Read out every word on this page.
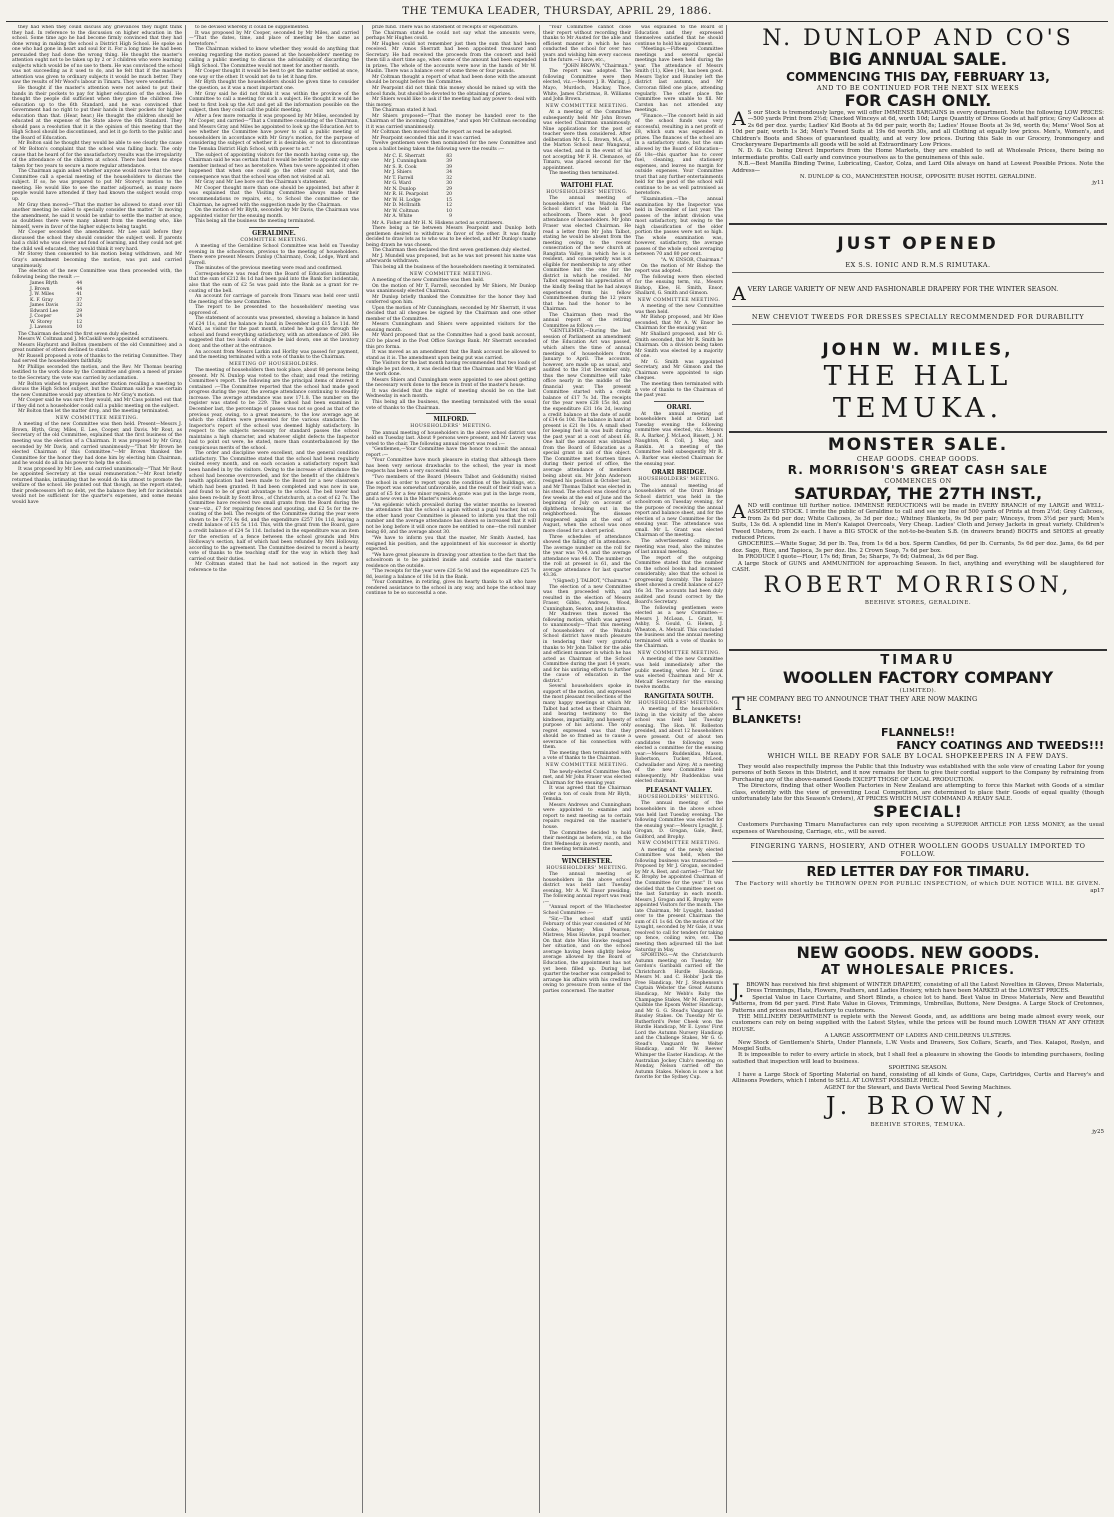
THE TEMUKA LEADER, THURSDAY, APRIL 29, 1886.

they had when they could discuss any grievances they might think they had. In reference to the discussion on higher education in the school. Some time ago he had become firmly convinced that they had done wrong in making the school a District High School. He spoke as one who had gone in heart and soul for it. For a long time he had been persuaded they had done the wrong thing. He thought the master's attention ought not to be taken up by 2 or 3 children who were learning subjects which would be of no use to them. He was convinced the school was not succeeding as it used to do, and he felt that if the master's attention was given to ordinary subjects it would be much better. They saw the results of Mr Wood's labour in Timaru. They were wonderful.

He thought if the master's attention were not asked to put their hands in their pockets to pay for higher education of the school. He thought the people did sufficient when they gave the children free education up to the 6th Standard, and he was convinced that Government had no right to put their hands in their pockets for higher education than that. (Hear, hear.) He thought the children should be educated at the expense of the State above the 6th Standard. They should pass a resolution that it is the opinion of this meeting that the High School should be discontinued, and let it go forth to the public and the Board of Education.

Mr Bolton said he thought they would be able to see clearly the cause of Mr Bolton's complaint that the school was falling back. The only cause that he heard of for the unsatisfactory results was the irregularity of the attendance of the children at school. There had been no steps taken for two years to secure a more regular attendance.

The Chairman again asked whether anyone would move that the new Committee call a special meeting of the householders to discuss the subject. If so, he was prepared to put Mr Storey's motion to the meeting. He would like to see the matter adjourned, as many more people would have attended if they had known the subject would crop up.

Mr Gray then moved—"That the matter be allowed to stand over till another meeting be called to specially consider the matter." In moving the amendment, he said it would be unfair to settle the matter at once, as doubtless there were many absent from the meeting who, like himself, were in favor of the higher subjects being taught.

Mr Cooper seconded the amendment. Mr Lee said before they discussed the school they should consider the subject well. If parents had a child who was clever and fond of learning, and they could not get the child well educated, they would think it very hard.

Mr Storey then consented to his motion being withdrawn, and Mr Gray's amendment becoming the motion, was put and carried unanimously.

The election of the new Committee was then proceeded with, the following being the result :—

James Blyth	44
J. Brown	44
J. W. Miles	41
K. F. Gray	37
James Davis	32
Edward Lee	29
J. Cooper	24
W. Storey	12
J. Lawson	10

The Chairman declared the first seven duly elected.

Messrs W. Coltman and J. McCaskill were appointed scrutineers.

Messrs Hayhurst and Bolton (members of the old Committee) and a great number of others declined to stand.

Mr Russell proposed a vote of thanks to the retiring Committee. They had served the householders faithfully.

Mr Phillips seconded the motion, and the Rev. Mr Thomas bearing testified to the work done by the Committee and given a meed of praise to the Secretary, the vote was carried by acclamation.

Mr Bolton wished to propose another motion recalling a meeting to discuss the High School subject, but the Chairman said he was certain the new Committee would pay attention to Mr Gray's motion.

Mr Cooper said he was sure they would, and Mr Cass pointed out that if they did not a householder could call a public meeting on the subject.

Mr Bolton then let the matter drop, and the meeting terminated.

NEW COMMITTEE MEETING.

A meeting of the new Committee was then held. Present—Messrs J. Brown, Blyth, Gray, Miles, E. Lee, Cooper, and Davis. Mr Rout, as Secretary of the old Committee, explained that the first business of the meeting was the election of a Chairman. It was proposed by Mr Gray, seconded by Mr Davis, and carried unanimously—"That Mr Brown be elected Chairman of this Committee."—Mr Brown thanked the Committee for the honor they had done him by electing him Chairman, and he would do all in his power to help the school.

It was proposed by Mr Lee, and carried unanimously—"That Mr Rout be appointed Secretary at the usual remuneration."—Mr Rout briefly returned thanks, intimating that he would do his utmost to promote the welfare of the school. He pointed out that though, as the report stated, their predecessors left no debt, yet the balance they left for incidentals would not be sufficient for the quarter's expenses, and some means would have

to be devised whereby it could be supplemented.

It was proposed by Mr Cooper, seconded by Mr Miles, and carried—"That the dates, time, and place of meeting be the same as heretofore."

The Chairman wished to know whether they would do anything that evening regarding the motion passed at the householders' meeting re calling a public meeting to discuss the advisability of discarding the High School. The Committee would not meet for another month.

Mr Cooper thought it would be best to get the matter settled at once, one way or the other. It would not do to let it hang fire.

Mr Blyth thought the householders should be given time to consider the question, as it was a most important one.

Mr Gray said he did not think it was within the province of the Committee to call a meeting for such a subject. He thought it would be best to first look up the Act and get all the information possible on the subject, then they could call the public meeting.

After a few more remarks it was proposed by Mr Miles, seconded by Mr Cooper, and carried—"That a Committee consisting of the Chairman, and Messrs Gray and Miles be appointed to look up the Education Act to see whether the Committee have power to call a public meeting of householders in accordance with Mr Gray's motion, for the purpose of considering the subject of whether it is desirable, or not to discontinue the Temuka District High School, with power to act."

The subject of appointing visitors for the month having come up, the Chairman said he was certain that it would be better to appoint only one member instead of two as heretofore. When two were appointed it often happened that when one could go the other could not, and the consequence was that the school was often not visited at all.

Mr Gray and Mr Lee bore out the Chairman's statement.

Mr Cooper thought more than one should be appointed, but after it was explained that the Visiting Committee always made their recommendations re repairs, etc., to School the committee or the Chairman, he agreed with the suggestion made by the Chairman.

On the motion of Mr Blyth, seconded by Mr Davis, the Chairman was appointed visitor for the ensuing month.

This being all the business the meeting terminated.

GERALDINE.
COMMITTEE MEETING.

A meeting of the Geraldine School Committee was held on Tuesday evening in the schoolroom, previous to the meeting of householders. There were present Messrs Dunlop (Chairman), Cook, Lodge, Ward and Farrell.

The minutes of the previous meeting were read and confirmed.

Correspondence was read from the Board of Education intimating that the sum of £212 8s 1d had been paid into the Bank for incidentals, also that the sum of £2 5s was paid into the Bank as a grant for re-coating of the bell.

An account for carriage of parcels from Timaru was held over until the meeting of the new Committee.

The report to be presented to the householders' meeting was approved of.

The statement of accounts was presented, showing a balance in hand of £24 11s, and the balance in hand in December last £15 5s 11d. Mr Ward, as visitor for the past month, stated he had gone through the school and found everything satisfactory, with an attendance of 280. He suggested that two loads of shingle be laid down, one at the lavatory door, and the other at the entrance.

An account from Messrs Larkin and Horlby was passed for payment, and the meeting terminated with a vote of thanks to the Chairman.

MEETING OF HOUSEHOLDERS.

The meeting of householders then took place, about 80 persons being present. Mr N. Dunlop was voted to the chair, and read the retiring Committee's report. The following are the principal items of interest it contained :—The Committee reported that the school had made good progress during the year, the average attendance continuing to steadily increase. The average attendance was now 171.8. The number on the register was stated to be 229. The school had been examined in December last, the percentage of passes was not so good as that of the previous year, owing, to a great measure, to the low average age at which the children were presented for the various standards. The Inspector's report of the school was deemed highly satisfactory. In respect to the subjects necessary for standard passes the school maintains a high character, and whatever slight defects the Inspector had to point out were, he stated, more than counterbalanced by the conspicuous merits of the school.

The order and discipline were excellent, and the general condition satisfactory. The Committee stated that the school had been regularly visited every month, and on each occasion a satisfactory report had been handed in by the visitors. Owing to the increase of attendance the school had become overcrowded, and for the benefit of the children's health application had been made to the Board for a new classroom which had been granted. It had been completed and was now in use, and found to be of great advantage to the school. The bell tower had also been re-built by Scott Bros., of Christchurch, at a cost of £2 7s. The Committee have received two small grants from the Board during the year—viz., £7 for repairing fences and spouting, and £2 5s for the re-coating of the bell. The receipts of the Committee during the year were shown to be £773 4s 6d, and the expenditure £257 10s 11d, leaving a credit balance of £15 5s 11d. This, with the grant from the Board, gave a credit balance of £24 5s 11d. Included in the expenditure was an item for the erection of a fence between the school grounds and Mrs Holloway's section, half of which had been refunded by Mrs Holloway, according to the agreement. The Committee desired to record a hearty vote of thanks to the teaching staff for the way in which they had carried out their duties.

Mr Coltman stated that he had not noticed in the report any reference to the

prize fund. There was no statement of receipts or expenditure.

The Chairman stated he could not say what the amounts were, perhaps Mr Hughes could.

Mr Hughes could not remember just then the sum that had been received. Mr Amos Sherratt had been appointed treasurer and Secretary. He had received the proceeds from the concert and held them till a short time ago, when some of the amount had been expended in prizes. The whole of the accounts were now in the hands of Mr W. Maslin. There was a balance over of some three or four pounds.

Mr Coltman thought a report of what had been done with the amount should be brought before the Committee.

Mr Pearpoint did not think this money should be mixed up with the school funds, but should be devoted to the obtaining of prizes.

Mr Shiers would like to ask if the meeting had any power to deal with this money.

The Chairman stated it had.

Mr Shiers proposed—"That the money be handed over to the Chairman of the incoming Committee," and upon Mr Coltman seconding it it was carried unanimously.

Mr Coltman then moved that the report as read be adopted.

Mr Pearpoint seconded this and it was carried.

Twelve gentlemen were then nominated for the new Committee and upon a ballot being taken the following were the results :—

Mr C. E. Sherratt	83
Mr J. Cunningham	39
Mr S. R. Cook	39
Mr J. Shiers	34
Mr T. Farrell	32
Mr G. Ward	30
Mr N. Dunlop	29
Mr R. H. Pearpoint	20
Mr W. H. Lodge	15
Mr D. McIlraith	12
Mr W. Coltman	10
Mr A. White	9

Mr A. Fisher and Mr H. N. Hiskens acted as scrutineers.

There being a tie between Messrs Pearpoint and Dunlop both gentlemen desired to withdraw in favor of the other. It was finally decided to draw lots as to who was to be elected, and Mr Dunlop's name being drawn he was chosen.

The Chairman then declared the first seven gentlemen duly elected.

Mr J. Mundell was proposed, but as he was not present his name was afterwards withdrawn.

This being all the business of the householders meeting it terminated.

NEW COMMITTEE MEETING.

A meeting of the new Committee was then held.

On the motion of Mr T. Farrell, seconded by Mr Shiers, Mr Dunlop was unanimously elected Chairman.

Mr Dunlop briefly thanked the Committee for the honor they had conferred upon him.

Upon the motion of Mr Cunningham, seconded by Mr Sherratt, it was decided that all cheques be signed by the Chairman and one other member of the Committee.

Messrs Cunningham and Shiers were appointed visitors for the ensuing month.

Mr Ward proposed that as the Committee had a good bank account, £20 be placed in the Post Office Savings Bank. Mr Sherratt seconded this pro forma.

It was moved as an amendment that the Bank account be allowed to stand as it is. The amendment upon being put was carried.

The Visitors for the last month having recommended that two loads of shingle be put down, it was decided that the Chairman and Mr Ward get the work done.

Messrs Shiers and Cunningham were appointed to see about getting the necessary work done to the fence in front of the master's house.

It was decided that the night of meeting should be on the last Wednesday in each month.

This being all the business, the meeting terminated with the usual vote of thanks to the Chairman.

MILFORD.
HOUSEHOLDERS' MEETING.

The annual meeting of householders in the above school district was held on Tuesday last. About 9 persons were present, and Mr Lavery was voted to the chair. The following annual report was read :—

"Gentlemen,—Your Committee have the honor to submit the annual report :—

"Your Committee have much pleasure in stating that although there has been very serious drawbacks to the school, the year in most respects has been a very successful one.

"Two members of the Board (Messrs Talbot and Goldsmith) visited the school in order to report upon the condition of the buildings, etc. The report was somewhat unfavorable, and the result of their visit was a grant of £5 for a few minor repairs. A grate was put in the large room, and a new oven in the Master's residence.

"An epidemic which prevailed during the winter months so lowered the attendance that the school is again without a pupil teacher, but on the other hand your Committee is pleased to inform you that the roll number and the average attendance has shown so increased that it will not be long before it will once more be entitled to one—the roll number being 60, and the average about 30.

"We have to inform you that the master, Mr Smith Austed, has resigned his position, and the appointment of his successor is shortly expected.

"We have great pleasure in drawing your attention to the fact that the schoolroom is to be painted inside and outside and the master's residence on the outside.

"The receipts for the year were £26 5s 9d and the expenditure £25 7s 8d, leaving a balance of 18s 1d in the Bank.

"Your Committee, in retiring, gives its hearty thanks to all who have rendered assistance to the school in any way, and hope the school may continue to be so successful a one.

"Your Committee cannot close their report without recording their thanks to Mr Austed for the able and efficient manner in which he has conducted the school for over two years and wishing him every success in the future.—I have, etc.,

"JOHN BROWN, "Chairman."

The report was adopted. The following Committee were then elected, viz.:—Messrs J. B. Waring, J. Mayo, Murdoch, Mackay, Thoe, White, James Christmas, R. Williams and John Brown.

NEW COMMITTEE MEETING.

At a meeting of the Committee subsequently held Mr John Brown was elected Chairman unanimously. Nine applications for the post of teacher were then considered. After deliberation Mr S. L. Brown, M.A., of the Marton School near Wanganui, was elected, and in the event of his not accepting Mr F. H. Clemance, of Timaru, was placed second for the appointment.

The meeting then terminated.

WAITOHI FLAT.
HOUSEHOLDERS' MEETING.

The annual meeting of householders of the Waitohi Flat School district was held in the schoolroom. There was a good attendance of householders. Mr John Fraser was elected Chairman. He read a letter from Mr John Talbot, stating he would be absent from the meeting owing to the recent consecration of the new church at Rangitata Valley, in which he is a resident, and consequently was not eligible for membership to any other Committee but the one for the district in which he resided. Mr Talbot expressed his appreciation of the kindly feeling that he had always experienced from his fellow Committeemen during the 12 years that he had the honor to be Chairman.

The Chairman then read the annual report of the retiring Committee as follows :—

"GENTLEMEN,—During the last session of Parliament an amendment of the Education Act was passed, which alters the time of annual meetings of householders from January to April. The accounts, however, are made up as usual, and audited to the 31st December only, thus the new Committee will take office nearly in the middle of the financial year. The present Committee started with a credit balance of £17 7s 3d. The receipts for the year were £28 15s 8d, and the expenditure £31 16s 2d, leaving a credit balance at the date of audit of £14 6s 10d. The balance in hand at present is £21 8s 10s. A small shed for keeping fuel in was built during the past year at a cost of about £6. One half the amount was obtained from the Board of Education as a special grant in aid of this object. The Committee met fourteen times during their period of office, the average attendance of members being about six. Mr John Anderson resigned his position in October last, and Mr Thomas Talbot was elected in his stead. The school was closed for a few weeks at the end of June and the beginning of July on account of diphtheria breaking out in the neighborhood. The disease reappeared again at the end of August, when the school was once more closed for a short period.

Three schedules of attendance showed the falling off in attendance. The average number on the roll for the year was 70.4, and the average attendance was 46.0. The number on the roll at present is 61, and the average attendance for last quarter 43.36.

"(Signed) J. TALBOT, "Chairman."

The election of a new Committee was then proceeded with, and resulted in the election of Messrs Fraser, Gibbs, Andrews, Wood, Cunningham, Seaton, and Johnston.

Mr Andrews then moved the following motion, which was agreed to unanimously—"That this meeting of householders of the Waitohi School district have much pleasure in tendering their very grateful thanks to Mr John Talbot for the able and efficient manner in which he has acted as Chairman of the School Committee during the past 14 years, and for his untiring efforts to further the cause of education in the district."

Several householders spoke in support of the motion, and expressed the most pleasant recollections of the many happy meetings at which Mr Talbot had acted as their Chairman, and bearing testimony to the kindness, impartiality, and honesty of purpose of his actions. The only regret expressed was that they should be so framed as to cause a severance of his connection with them.

The meeting then terminated with a vote of thanks to the Chairman.

NEW COMMITTEE MEETING.

The newly-elected Committee then met, and Mr John Fraser was elected Chairman for the ensuing year.

It was agreed that the Chairman order a ton of coals from Mr Blyth, Temuka.

Messrs Andrews and Cunningham were appointed to examine and report to next meeting as to certain repairs required on the master's house.

The Committee decided to hold their meetings as before, viz., on the first Wednesday in every month, and the meeting terminated.

WINCHESTER.
HOUSEHOLDERS' MEETING.

The annual meeting of householders in the above school district was held last Tuesday evening, Mr A. W. Ensor presiding. The following annual report was read :—

"Annual report of the Winchester School Committee :—

"Sir,—The school staff until February of this year consisted of Mr Cooke, Master; Miss Pearson, Mistress; Miss Hawke, pupil teacher. On that date Miss Hawke resigned her situation, and on the school average having been slightly below average allowed by the Board of Education, the appointment has not yet been filled up. During last quarter the teacher was compelled to arrange his affairs with his creditors owing to pressure from some of the parties concerned. The matter

was explained to the Board of Education and they expressed themselves satisfied that he should continue to hold his appointment.

"Meetings.—Fifteen Committee meetings and several special meetings have been held during the year. The attendance of Messrs Smith (11), Klee (14), has been good. Messrs Taylor and Hunsley left the district last autumn, and Mr Corcoran filled one place, attending regularly. The other place the Committee were unable to fill. Mr Carston has not attended any meetings.

"Finance.—The concert held in aid of the school funds was very successful, resulting in a net profit of £8, which sum was expended in prizes. The finances of the school are in a satisfactory state, but the sum allowed by the Board of Education—£6 18s—this quarter has to cover fuel, cleaning, and stationery expenses, and leaves no margin for outside expenses. Your Committee trust that any further entertainments held for the good of the school will continue to be as well patronised as heretofore.

"Examination.—The annual examination by the Inspector was held in December of last year. The passes of the infant division was most satisfactory, but owing to the high classification of the older portion the passes were not so high. The whole examination was, however, satisfactory, the average passes of the whole school averaging between 70 and 80 per cent.

"A. W. ENSOR, Chairman."

On the motion of Mr Bishop the report was adopted.

The following were then elected for the ensuing term, viz., Messrs Bishop, Klee, H. Smith, Ensor, Shallard, G. Smith and Gimson.

NEW COMMITTEE MEETING.

A meeting of the new Committee was then held.

Mr Bishop proposed, and Mr Klee seconded, that Mr A. W. Ensor be Chairman for the ensuing year.

Mr Shallard proposed, and Mr G. Smith seconded, that Mr R. Smith be Chairman. On a division being taken Mr Smith was elected by a majority of one.

Mr G. Smith was appointed Secretary, and Mr Gimson and the Chairman were appointed to sign cheques.

The meeting then terminated with a vote of thanks to the Chairman of the past year.

ORARI.

At the annual meeting of householders held at Orari last Tuesday evening the following committee was elected, viz.: Messrs R. A. Barker, J. McLeod, Bissett, J. M. Naughton, R. Coll, J. May, and Rankin. At a meeting of the Committee held subsequently Mr R. A. Barker was elected Chairman for the ensuing year.

ORARI BRIDGE.
HOUSEHOLDERS' MEETING.

The annual meeting of householders of the Orari Bridge School district was held in the schoolroom on Tuesday evening, for the purpose of receiving the annual report and balance sheet, and for the election of a new Committee for the ensuing year. The attendance was small. Mr L. Grant was elected Chairman of the meeting.

The advertisement calling the meeting was read, also the minutes of last annual meeting.

The report of the outgoing Committee stated that the number on the school books had increased considerably; also that the school is progressing favorably. The balance sheet showed a credit balance of £27 16s 3d. The accounts had been duly audited and found correct by the Board's Secretary.

The following gentlemen were elected as a new Committee:—Messrs J. McLean, L. Grant, W. Ashby, S. Gould, G. Helem, J. Wheaton, A. Metcalf. This concluded the business and the annual meeting terminated with a vote of thanks to the Chairman.

NEW COMMITTEE MEETING.

A meeting of the new Committee was held immediately after the public meeting, when Mr L. Grant was elected Chairman and Mr A. Metcalf Secretary for the ensuing twelve months.

RANGITATA SOUTH.
HOUSEHOLDERS' MEETING.

A meeting of the householders living in the vicinity of the above school was held last Tuesday evening. The Hon. W. Rolleston presided, and about 12 householders were present. Out of about ten candidates the following were elected a committee for the ensuing year:—Messrs Ruddenklau, Mason, Robertson, Tucker, McLeod, Cadwallader and Airey. At a meeting of the new Committee held subsequently, Mr Ruddenklau was elected chairman.

PLEASANT VALLEY.
HOUSEHOLDERS' MEETING.

The annual meeting of the householders in the above school was held last Tuesday evening. The following Committee was elected for the ensuing year:—Messrs Lysaght, J. Grogan, D. Grogan, Gale, Best, Guilford, and Brophy.

NEW COMMITTEE MEETING.

A meeting of the newly elected Committee was held, when the following business was transacted:—Proposed by Mr J. Grogan, seconded by Mr A. Best, and carried—"That Mr K. Brophy be appointed Chairman of the Committee for the year." It was decided that the Committee meet on the last Saturday in each month. Messrs J. Grogan and K. Brophy were appointed Visitors for the month. The late Chairman, Mr Lysaght, handed over to the present Chairman the sum of £1 1s 6d. On the motion of Mr Lysaght, seconded by Mr Gale, it was resolved to call for tenders for taking up fence, coiling wire, etc. The meeting then adjourned till the last Saturday in May.

SPORTING.—At the Christchurch Autumn meeting on Tuesday, Mr Gordon's Garibaldi carried off the Christchurch Hurdle Handicap, Messrs M. and C. Hobbs' Jack the Free Handicap, Mr J. Stephenson's Captain Webster the Great Autumn Handicap, Mr Webb's Ruby the Champagne Stakes, Mr M. Sherratt's Quibble the Epsom Welter Handicap, and Mr G. G. Stead's Vanguard the Russley Stakes. On Tuesday Mr G. Rutherford's Peter Cheek won the Hurdle Handicap, Mr E. Lyons' First Lord the Autumn Nursery Handicap and the Challenge Stakes, Mr G. G. Stead's Vanguard the Welter Handicap, and Mr W. Reeves' Whimper the Easter Handicap. At the Australian Jockey Club's meeting on Monday, Nelson carried off the Autumn Stakes. Nelson is now a hot favorite for the Sydney Cup.

N. DUNLOP AND CO'S
BIG ANNUAL SALE.
COMMENCING THIS DAY, FEBRUARY 13,
AND TO BE CONTINUED FOR THE NEXT SIX WEEKS
FOR CASH ONLY.
A S our Stock is tremendously large, we will offer IMMENSE BARGAINS in every department. Note the following LOW PRICES:—500 yards Print from 2½d; Checked Winceys at 6d, worth 10d; Large Quantity of Dress Goods at half price; Grey Calicoes at 2s 6d per doz. yards; Ladies' Kid Boots at 5s 6d per pair, worth 8s; Ladies' House Boots at 3s 9d, worth 6s; Mens' Wool Sox at 10d per pair, worth 1s 3d; Men's Tweed Suits at 19s 6d worth 30s, and all Clothing at equally low prices. Men's, Women's, and Children's Boots and Shoes of guaranteed quality, and at very low prices. During this Sale in our Grocery, Ironmongery and Crockeryware Departments all goods will be sold at Extraordinary Low Prices.

N. D. & Co. being Direct Importers from the Home Markets, they are enabled to sell at Wholesale Prices, there being no intermediate profits. Call early and convince yourselves as to the genuineness of this sale.

N.B.—Best Manilla Binding Twine, Lubricating, Castor, Colza, and Lard Oils always on hand at Lowest Possible Prices. Note the Address—

N. DUNLOP & CO., MANCHESTER HOUSE, OPPOSITE BUSH HOTEL GERALDINE.

jy11

JUST OPENED
EX S.S. IONIC AND R.M.S RIMUTAKA.
A VERY LARGE VARIETY OF NEW AND FASHIONABLE DRAPERY FOR THE WINTER SEASON.

NEW CHEVIOT TWEEDS FOR DRESSES SPECIALLY RECOMMENDED FOR DURABILITY
JOHN W. MILES,
THE HALL TEMUKA.
MONSTER SALE.
CHEAP GOODS. CHEAP GOODS.
R. MORRISON'S GREAT CASH SALE
COMMENCES ON
SATURDAY, THE 27TH INST.,
A ND will continue till further notice. IMMENSE REDUCTIONS will be made in EVERY BRANCH of my LARGE and WELL-ASSORTED STOCK. I invite the public of Geraldine to call and see my line of 500 yards of Prints at from 2½d; Grey Calicoes, from 2s 6d per doz; White Calicoes, 3s 3d per doz.; Whitney Blankets, 9s 9d per pair; Winceys, from 3½d per yard; Men's Suits, 13s 6d. A splendid line in Men's Kaiapoi Overcoats, Very Cheap. Ladies' Cloth and Jersey Jackets in great variety. Children's Tweed Ulsters, from 2s each. I have a BIG STOCK of the not-to-be-beaten S.B. (in drawers brand) BOOTS and SHOES at greatly reduced Prices.

GROCERIES.—White Sugar, 3d per lb. Tea, from 1s 6d a box. Sperm Candles, 6d per lb. Currants, 5s 6d per doz. Jams, 6s 6d per doz. Sago, Rice, and Tapioca, 3s per doz. lbs. 2 Crown Soap, 7s 6d per box.

In PRODUCE I quote—Flour, 17s 6d; Bran, 5s; Sharps, 7s 6d; Oatmeal, 3s 6d per Bag.

A large Stock of GUNS and AMMUNITION for approaching Season. In fact, anything and everything will be slaughtered for CASH.

ROBERT MORRISON,
BEEHIVE STORES, GERALDINE.
TIMARU
WOOLLEN FACTORY COMPANY
(LIMITED).
T HE COMPANY BEG TO ANNOUNCE THAT THEY ARE NOW MAKING

BLANKETS!
FLANNELS!!
FANCY COATINGS AND TWEEDS!!!
WHICH WILL BE READY FOR SALE BY LOCAL SHOPKEEPERS IN A FEW DAYS.

They would also respectfully impress the Public that this Industry was established with the sole view of creating Labor for young persons of both Sexes in this District, and it now remains for them to give their cordial support to the Company by refraining from Purchasing any of the above-named Goods EXCEPT THOSE OF LOCAL PRODUCTION.

The Directors, finding that other Woollen Factories in New Zealand are attempting to force this Market with Goods of a similar class, evidently with the view of preventing Local Competition, are determined to place their Goods of equal quality (though unfortunately late for this Season's Orders), AT PRICES WHICH MUST COMMAND A READY SALE.

SPECIAL!

Customers Purchasing Timaru Manufactures can rely upon receiving a SUPERIOR ARTICLE FOR LESS MONEY, as the usual expenses of Warehousing, Carriage, etc., will be saved.

FINGERING YARNS, HOSIERY, AND OTHER WOOLLEN GOODS USUALLY IMPORTED TO FOLLOW.
RED LETTER DAY FOR TIMARU.
The Factory will shortly be THROWN OPEN FOR PUBLIC INSPECTION, of which DUE NOTICE WILL BE GIVEN.
ap17
NEW GOODS. NEW GOODS.
AT WHOLESALE PRICES.
J. BROWN has received his first shipment of WINTER DRAPERY, consisting of all the Latest Novelties in Gloves, Dress Materials, Dress Trimmings, Hats, Flowers, Feathers, and Ladies Hosiery, which have been MARKED at the LOWEST PRICES.

Special Value in Lace Curtains, and Short Blinds, a choice lot to hand. Best Value in Dress Materials, New and Beautiful Patterns, from 6d per yard. First Rate Value in Gloves, Trimmings, Umbrellas, Buttons, New Designs. A Large Stock of Cretonnes, Patterns and prices most satisfactory to customers.

THE MILLINERY DEPARTMENT is replete with the Newest Goods, and, as additions are being made almost every week, our customers can rely on being supplied with the Latest Styles, while the prices will be found much LOWER THAN AT ANY OTHER HOUSE.

A LARGE ASSORTMENT OF LADIES AND CHILDRENS ULSTERS.

New Stock of Gentlemen's Shirts, Under Flannels, L.W. Vests and Drawers, Sox Collars, Scarfs, and Ties. Kaiapoi, Roslyn, and Mosgiel Suits.

It is impossible to refer to every article in stock, but I shall feel a pleasure in showing the Goods to intending purchasers, feeling satisfied that inspection will lead to business.

SPORTING SEASON.

I have a Large Stock of Sporting Material on hand, consisting of all kinds of Guns, Caps, Cartridges, Curtis and Harvey's and Allinsons Powders, which I intend to SELL AT LOWEST POSSIBLE PRICE.

AGENT for the Stewart, and Davis Vertical Feed Sewing Machines.

J. BROWN,
BEEHIVE STORES, TEMUKA.
jy25
